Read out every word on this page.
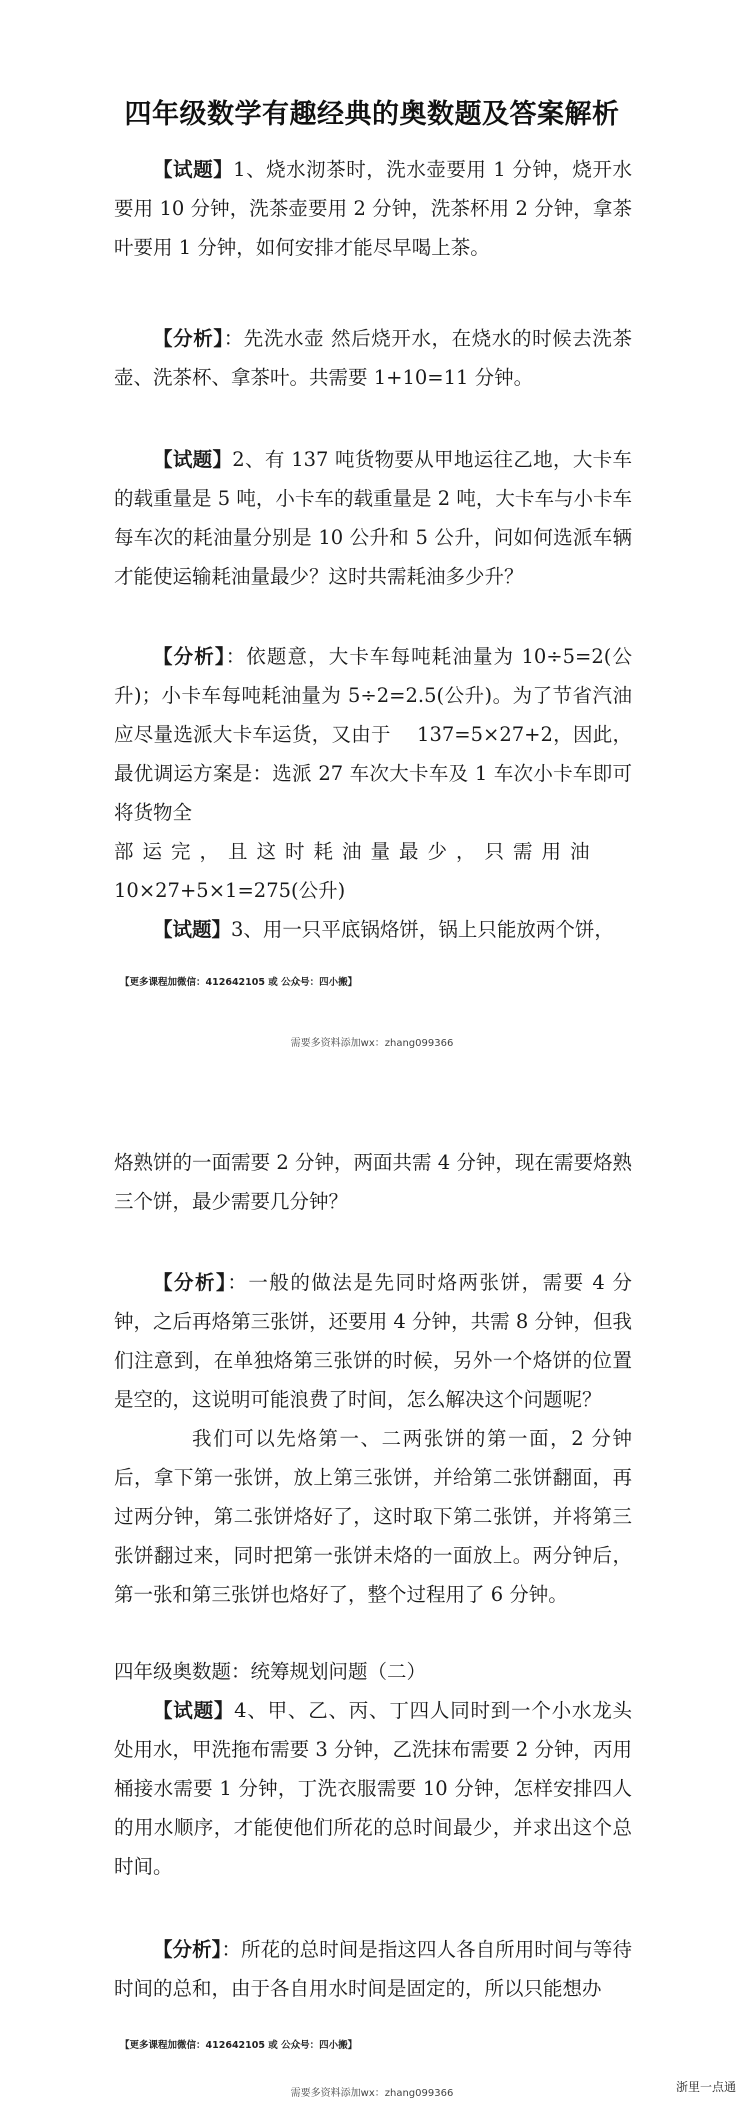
四年级数学有趣经典的奥数题及答案解析

【试题】1、烧水沏茶时，洗水壶要用 1 分钟，烧开水要用 10 分钟，洗茶壶要用 2 分钟，洗茶杯用 2 分钟，拿茶叶要用 1 分钟，如何安排才能尽早喝上茶。

【分析】：先洗水壶 然后烧开水，在烧水的时候去洗茶壶、洗茶杯、拿茶叶。共需要 1+10=11 分钟。

【试题】2、有 137 吨货物要从甲地运往乙地，大卡车的载重量是 5 吨，小卡车的载重量是 2 吨，大卡车与小卡车每车次的耗油量分别是 10 公升和 5 公升，问如何选派车辆才能使运输耗油量最少？这时共需耗油多少升？

【分析】：依题意，大卡车每吨耗油量为 10÷5=2(公升)；小卡车每吨耗油量为 5÷2=2.5(公升)。为了节省汽油应尽量选派大卡车运货，又由于　 137=5×27+2，因此，最优调运方案是：选派 27 车次大卡车及 1 车次小卡车即可将货物全
部运完，且这时耗油量最少，只需用油
10×27+5×1=275(公升)

【试题】3、用一只平底锅烙饼，锅上只能放两个饼，

【更多课程加微信：412642105 或 公众号：四小搬】
需要多资料添加wx：zhang099366

烙熟饼的一面需要 2 分钟，两面共需 4 分钟，现在需要烙熟三个饼，最少需要几分钟？

【分析】：一般的做法是先同时烙两张饼，需要 4 分钟，之后再烙第三张饼，还要用 4 分钟，共需 8 分钟，但我们注意到，在单独烙第三张饼的时候，另外一个烙饼的位置是空的，这说明可能浪费了时间，怎么解决这个问题呢？

我们可以先烙第一、二两张饼的第一面，2 分钟后，拿下第一张饼，放上第三张饼，并给第二张饼翻面，再过两分钟，第二张饼烙好了，这时取下第二张饼，并将第三张饼翻过来，同时把第一张饼未烙的一面放上。两分钟后，第一张和第三张饼也烙好了，整个过程用了 6 分钟。

四年级奥数题：统筹规划问题（二）

【试题】4、甲、乙、丙、丁四人同时到一个小水龙头处用水，甲洗拖布需要 3 分钟，乙洗抹布需要 2 分钟，丙用桶接水需要 1 分钟，丁洗衣服需要 10 分钟，怎样安排四人的用水顺序，才能使他们所花的总时间最少，并求出这个总时间。

【分析】：所花的总时间是指这四人各自所用时间与等待时间的总和，由于各自用水时间是固定的，所以只能想办

【更多课程加微信：412642105 或 公众号：四小搬】
需要多资料添加wx：zhang099366	浙里一点通
